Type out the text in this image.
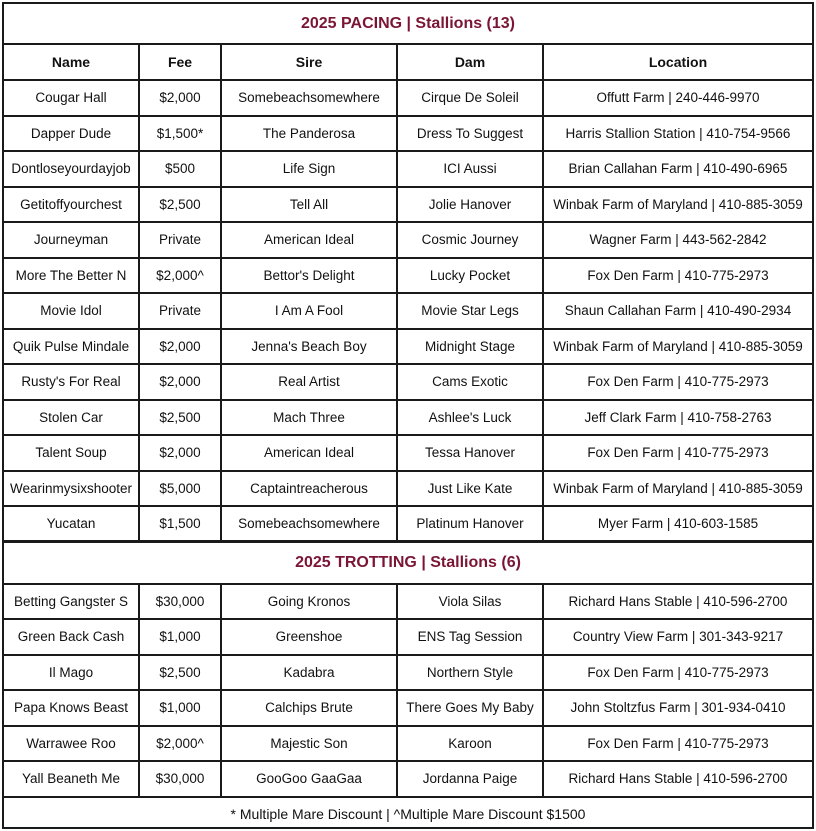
2025 PACING | Stallions (13)				
Name	Fee	Sire	Dam	Location
Cougar Hall	$2,000	Somebeachsomewhere	Cirque De Soleil	Offutt Farm | 240-446-9970
Dapper Dude	$1,500*	The Panderosa	Dress To Suggest	Harris Stallion Station | 410-754-9566
Dontloseyourdayjob	$500	Life Sign	ICI Aussi	Brian Callahan Farm | 410-490-6965
Getitoffyourchest	$2,500	Tell All	Jolie Hanover	Winbak Farm of Maryland | 410-885-3059
Journeyman	Private	American Ideal	Cosmic Journey	Wagner Farm | 443-562-2842
More The Better N	$2,000^	Bettor's Delight	Lucky Pocket	Fox Den Farm | 410-775-2973
Movie Idol	Private	I Am A Fool	Movie Star Legs	Shaun Callahan Farm | 410-490-2934
Quik Pulse Mindale	$2,000	Jenna's Beach Boy	Midnight Stage	Winbak Farm of Maryland | 410-885-3059
Rusty's For Real	$2,000	Real Artist	Cams Exotic	Fox Den Farm | 410-775-2973
Stolen Car	$2,500	Mach Three	Ashlee's Luck	Jeff Clark Farm | 410-758-2763
Talent Soup	$2,000	American Ideal	Tessa Hanover	Fox Den Farm | 410-775-2973
Wearinmysixshooter	$5,000	Captaintreacherous	Just Like Kate	Winbak Farm of Maryland | 410-885-3059
Yucatan	$1,500	Somebeachsomewhere	Platinum Hanover	Myer Farm | 410-603-1585
2025 TROTTING | Stallions (6)				
Betting Gangster S	$30,000	Going Kronos	Viola Silas	Richard Hans Stable | 410-596-2700
Green Back Cash	$1,000	Greenshoe	ENS Tag Session	Country View Farm | 301-343-9217
Il Mago	$2,500	Kadabra	Northern Style	Fox Den Farm | 410-775-2973
Papa Knows Beast	$1,000	Calchips Brute	There Goes My Baby	John Stoltzfus Farm | 301-934-0410
Warrawee Roo	$2,000^	Majestic Son	Karoon	Fox Den Farm | 410-775-2973
Yall Beaneth Me	$30,000	GooGoo GaaGaa	Jordanna Paige	Richard Hans Stable | 410-596-2700
* Multiple Mare Discount | ^Multiple Mare Discount $1500				
